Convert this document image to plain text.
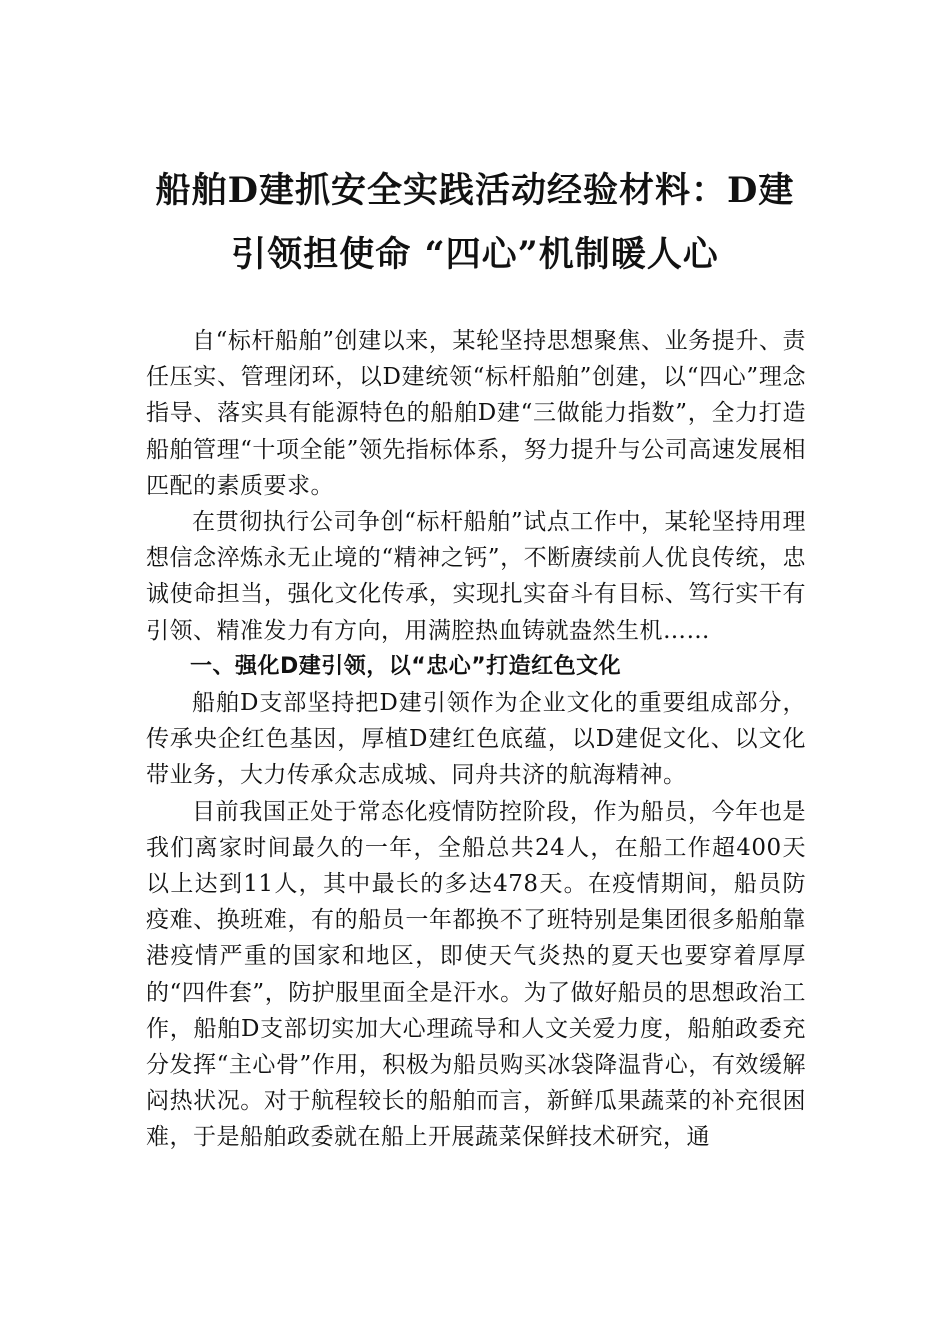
船舶D建抓安全实践活动经验材料：D建
引领担使命 “四心”机制暖人心

自“标杆船舶”创建以来，某轮坚持思想聚焦、业务提升、责任压实、管理闭环，以D建统领“标杆船舶”创建，以“四心”理念指导、落实具有能源特色的船舶D建“三做能力指数”，全力打造船舶管理“十项全能”领先指标体系，努力提升与公司高速发展相匹配的素质要求。

在贯彻执行公司争创“标杆船舶”试点工作中，某轮坚持用理想信念淬炼永无止境的“精神之钙”，不断赓续前人优良传统，忠诚使命担当，强化文化传承，实现扎实奋斗有目标、笃行实干有引领、精准发力有方向，用满腔热血铸就盎然生机……

一、强化D建引领，以“忠心”打造红色文化

船舶D支部坚持把D建引领作为企业文化的重要组成部分，传承央企红色基因，厚植D建红色底蕴，以D建促文化、以文化带业务，大力传承众志成城、同舟共济的航海精神。

目前我国正处于常态化疫情防控阶段，作为船员，今年也是我们离家时间最久的一年，全船总共24人，在船工作超400天以上达到11人，其中最长的多达478天。在疫情期间，船员防疫难、换班难，有的船员一年都换不了班特别是集团很多船舶靠港疫情严重的国家和地区，即使天气炎热的夏天也要穿着厚厚的“四件套”，防护服里面全是汗水。为了做好船员的思想政治工作，船舶D支部切实加大心理疏导和人文关爱力度，船舶政委充分发挥“主心骨”作用，积极为船员购买冰袋降温背心，有效缓解闷热状况。对于航程较长的船舶而言，新鲜瓜果蔬菜的补充很困难，于是船舶政委就在船上开展蔬菜保鲜技术研究，通
